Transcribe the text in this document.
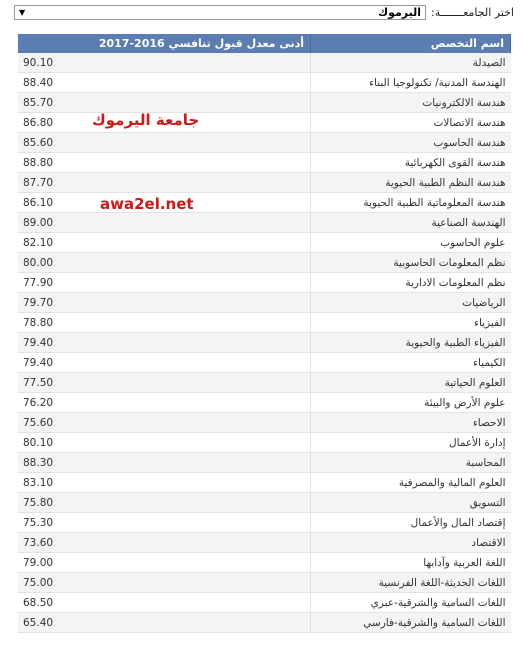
اختر الجامعـــــــة:
اليرموك
▼
اسم التخصص	أدنى معدل قبول تنافسي 2016-2017
الصيدلة	90.10
الهندسة المدنية/ تكنولوجيا البناء	88.40
هندسة الالكترونيات	85.70
هندسة الاتصالات	86.80
هندسة الحاسوب	85.60
هندسة القوى الكهربائية	88.80
هندسة النظم الطبية الحيوية	87.70
هندسة المعلوماتية الطبية الحيوية	86.10
الهندسة الصناعية	89.00
علوم الحاسوب	82.10
نظم المعلومات الحاسوبية	80.00
نظم المعلومات الادارية	77.90
الرياضيات	79.70
الفيزياء	78.80
الفيزياء الطبية والحيوية	79.40
الكيمياء	79.40
العلوم الحياتية	77.50
علوم الأرض والبيئة	76.20
الاحصاء	75.60
إدارة الأعمال	80.10
المحاسبة	88.30
العلوم المالية والمصرفية	83.10
التسويق	75.80
إقتصاد المال والأعمال	75.30
الاقتصاد	73.60
اللغة العربية وآدابها	79.00
اللغات الحديثة-اللغة الفرنسية	75.00
اللغات السامية والشرقية-عبري	68.50
اللغات السامية والشرقية-فارسي	65.40
جامعة اليرموك
awa2el.net
